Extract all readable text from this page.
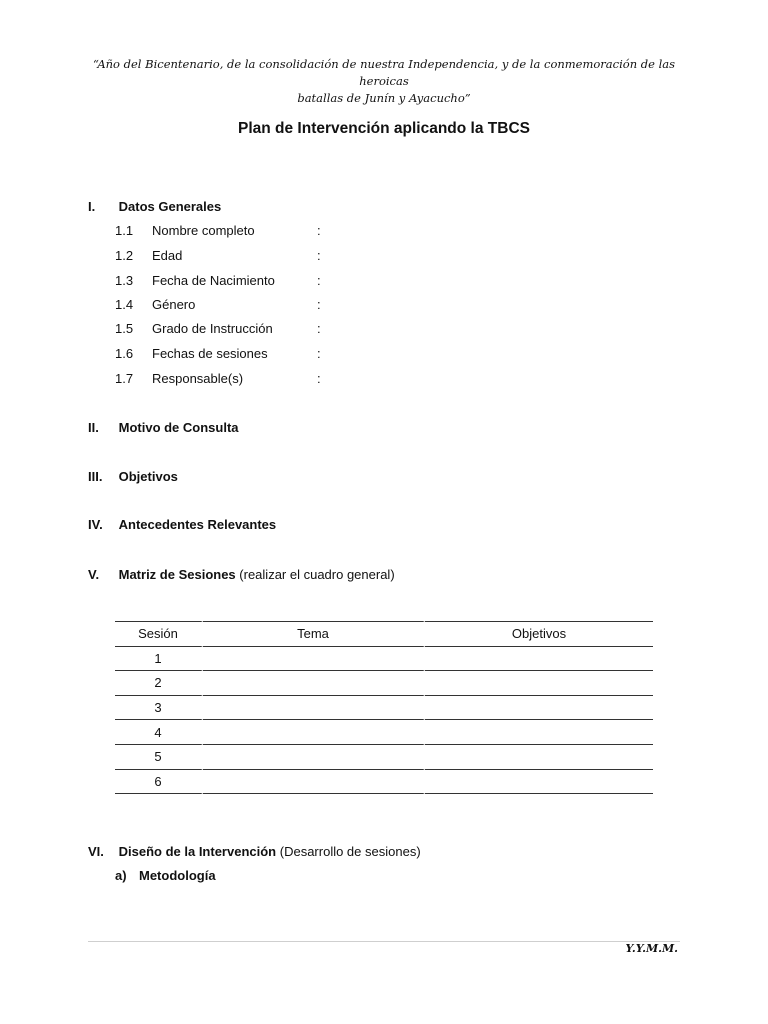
“Año del Bicentenario, de la consolidación de nuestra Independencia, y de la conmemoración de las heroicas
batallas de Junín y Ayacucho”
Plan de Intervención aplicando la TBCS
I. Datos Generales
1.1 Nombre completo	:
1.2 Edad	:
1.3 Fecha de Nacimiento	:
1.4 Género	:
1.5 Grado de Instrucción	:
1.6 Fechas de sesiones	:
1.7 Responsable(s)	:
II. Motivo de Consulta
III. Objetivos
IV. Antecedentes Relevantes
V. Matriz de Sesiones (realizar el cuadro general)
Sesión	Tema	Objetivos
1		
2		
3		
4		
5		
6		
VI. Diseño de la Intervención (Desarrollo de sesiones)
a) Metodología
Y.Y.M.M.
